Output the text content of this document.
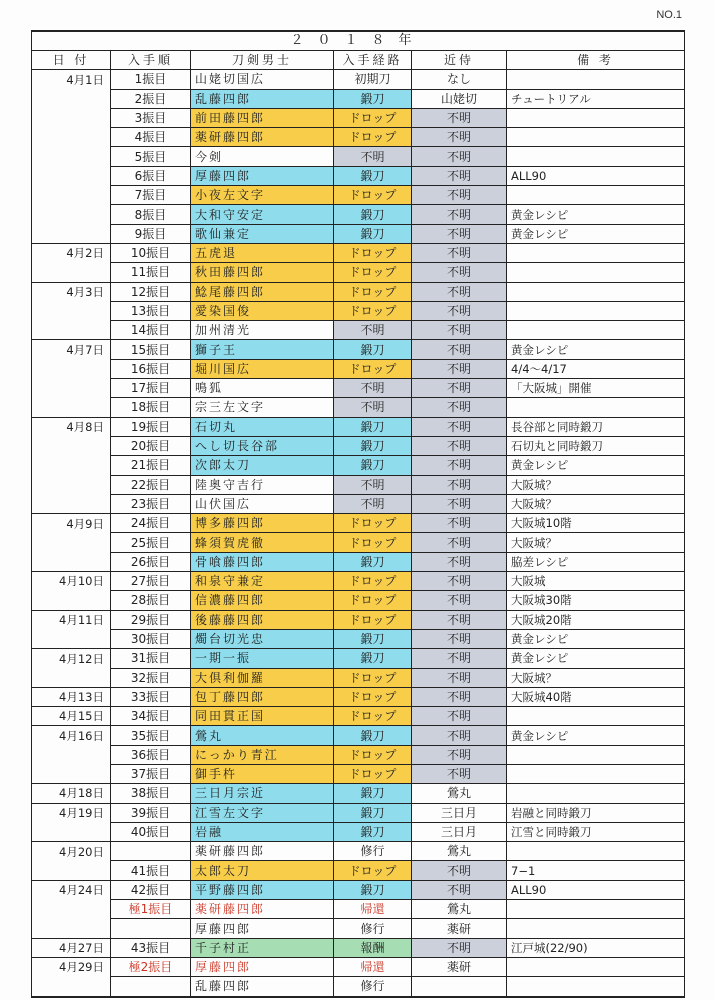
NO.1
２０１８年					
日 付	入手順	刀剣男士	入手経路	近侍	備 考
4月1日	1振目	山姥切国広	初期刀	なし	
	2振目	乱藤四郎	鍛刀	山姥切	チュートリアル
	3振目	前田藤四郎	ドロップ	不明	
	4振目	薬研藤四郎	ドロップ	不明	
	5振目	今剣	不明	不明	
	6振目	厚藤四郎	鍛刀	不明	ALL90
	7振目	小夜左文字	ドロップ	不明	
	8振目	大和守安定	鍛刀	不明	黄金レシピ
	9振目	歌仙兼定	鍛刀	不明	黄金レシピ
4月2日	10振目	五虎退	ドロップ	不明	
	11振目	秋田藤四郎	ドロップ	不明	
4月3日	12振目	鯰尾藤四郎	ドロップ	不明	
	13振目	愛染国俊	ドロップ	不明	
	14振目	加州清光	不明	不明	
4月7日	15振目	獅子王	鍛刀	不明	黄金レシピ
	16振目	堀川国広	ドロップ	不明	4/4～4/17
	17振目	鳴狐	不明	不明	「大阪城」開催
	18振目	宗三左文字	不明	不明	
4月8日	19振目	石切丸	鍛刀	不明	長谷部と同時鍛刀
	20振目	へし切長谷部	鍛刀	不明	石切丸と同時鍛刀
	21振目	次郎太刀	鍛刀	不明	黄金レシピ
	22振目	陸奥守吉行	不明	不明	大阪城？
	23振目	山伏国広	不明	不明	大阪城？
4月9日	24振目	博多藤四郎	ドロップ	不明	大阪城10階
	25振目	蜂須賀虎徹	ドロップ	不明	大阪城？
	26振目	骨喰藤四郎	鍛刀	不明	脇差レシピ
4月10日	27振目	和泉守兼定	ドロップ	不明	大阪城
	28振目	信濃藤四郎	ドロップ	不明	大阪城30階
4月11日	29振目	後藤藤四郎	ドロップ	不明	大阪城20階
	30振目	燭台切光忠	鍛刀	不明	黄金レシピ
4月12日	31振目	一期一振	鍛刀	不明	黄金レシピ
	32振目	大倶利伽羅	ドロップ	不明	大阪城？
4月13日	33振目	包丁藤四郎	ドロップ	不明	大阪城40階
4月15日	34振目	同田貫正国	ドロップ	不明	
4月16日	35振目	鶯丸	鍛刀	不明	黄金レシピ
	36振目	にっかり青江	ドロップ	不明	
	37振目	御手杵	ドロップ	不明	
4月18日	38振目	三日月宗近	鍛刀	鶯丸	
4月19日	39振目	江雪左文字	鍛刀	三日月	岩融と同時鍛刀
	40振目	岩融	鍛刀	三日月	江雪と同時鍛刀
4月20日		薬研藤四郎	修行	鶯丸	
	41振目	太郎太刀	ドロップ	不明	7−1
4月24日	42振目	平野藤四郎	鍛刀	不明	ALL90
	極1振目	薬研藤四郎	帰還	鶯丸	
		厚藤四郎	修行	薬研	
4月27日	43振目	千子村正	報酬	不明	江戸城(22/90)
4月29日	極2振目	厚藤四郎	帰還	薬研	
		乱藤四郎	修行		
